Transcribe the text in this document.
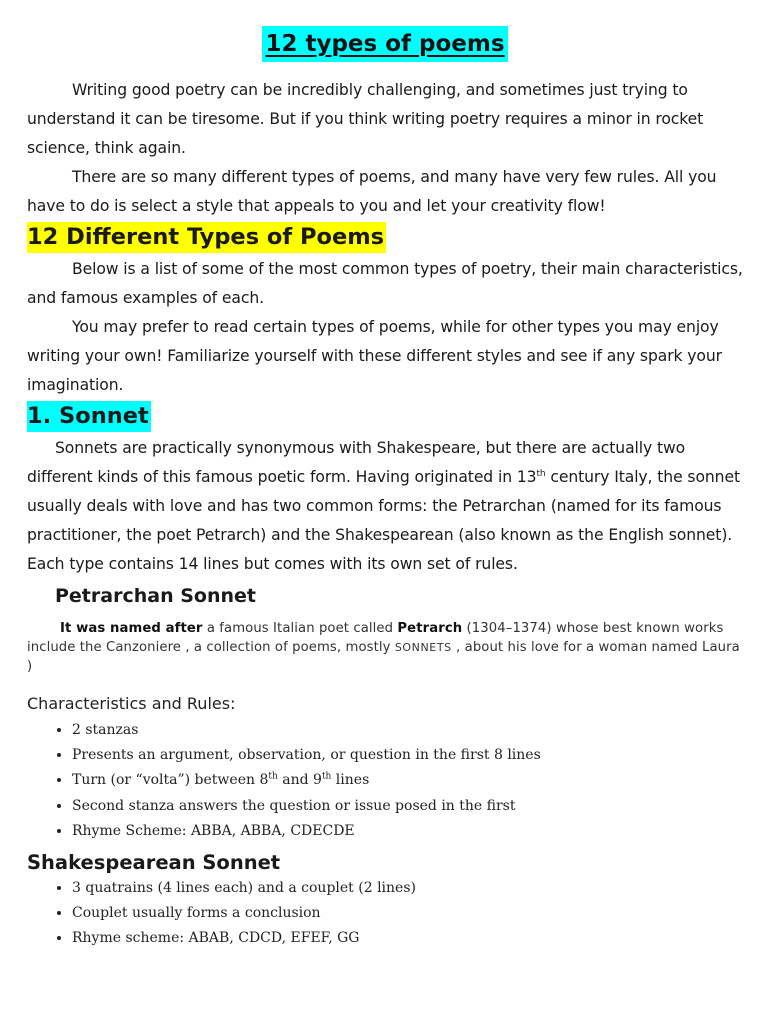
12 types of poems

Writing good poetry can be incredibly challenging, and sometimes just trying to understand it can be tiresome. But if you think writing poetry requires a minor in rocket science, think again.

There are so many different types of poems, and many have very few rules. All you have to do is select a style that appeals to you and let your creativity flow!

12 Different Types of Poems

Below is a list of some of the most common types of poetry, their main characteristics, and famous examples of each.

You may prefer to read certain types of poems, while for other types you may enjoy writing your own! Familiarize yourself with these different styles and see if any spark your imagination.

1. Sonnet

Sonnets are practically synonymous with Shakespeare, but there are actually two different kinds of this famous poetic form. Having originated in 13th century Italy, the sonnet usually deals with love and has two common forms: the Petrarchan (named for its famous practitioner, the poet Petrarch) and the Shakespearean (also known as the English sonnet). Each type contains 14 lines but comes with its own set of rules.

Petrarchan Sonnet

It was named after a famous Italian poet called Petrarch (1304–1374) whose best known works include the Canzoniere , a collection of poems, mostly SONNETS , about his love for a woman named Laura )

Characteristics and Rules:
• 2 stanzas
• Presents an argument, observation, or question in the first 8 lines
• Turn (or “volta”) between 8th and 9th lines
• Second stanza answers the question or issue posed in the first
• Rhyme Scheme: ABBA, ABBA, CDECDE
Shakespearean Sonnet
• 3 quatrains (4 lines each) and a couplet (2 lines)
• Couplet usually forms a conclusion
• Rhyme scheme: ABAB, CDCD, EFEF, GG
